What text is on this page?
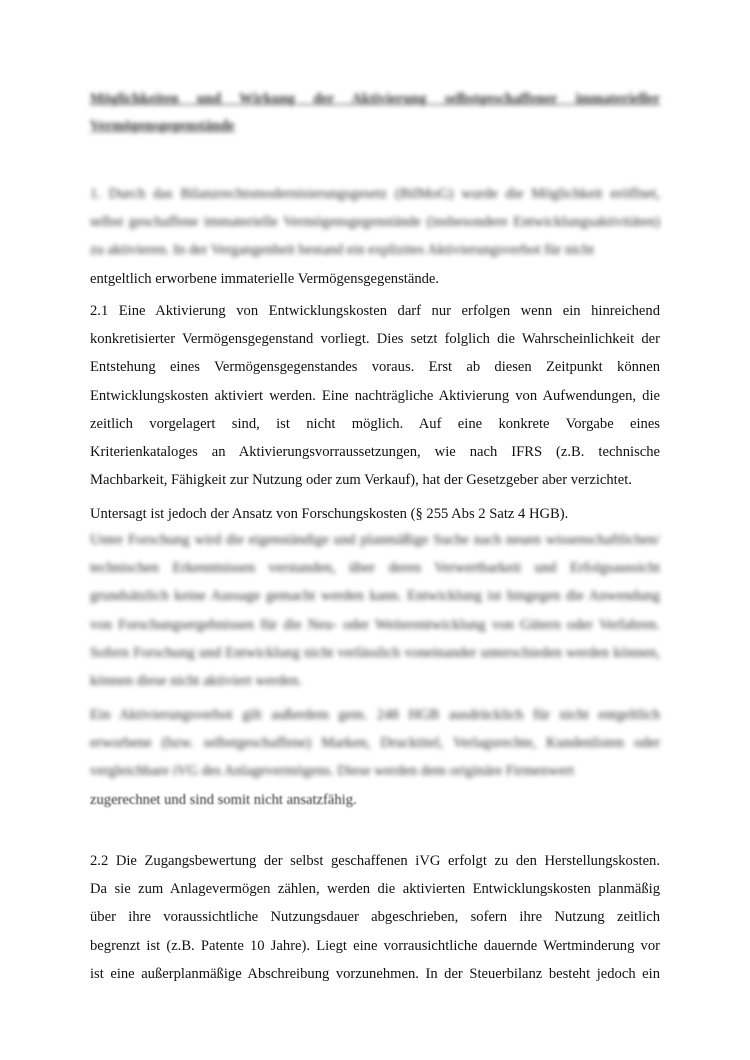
Möglichkeiten und Wirkung der Aktivierung selbstgeschaffener immaterieller Vermögensgegenstände
1. Durch das Bilanzrechtsmodernisierungsgesetz (BilMoG) wurde die Möglichkeit eröffnet, selbst geschaffene immaterielle Vermögensgegenstände (insbesondere Entwicklungsaktivitäten) zu aktivieren. In der Vergangenheit bestand ein explizites Aktivierungsverbot für nicht
entgeltlich erworbene immaterielle Vermögensgegenstände.
2.1 Eine Aktivierung von Entwicklungskosten darf nur erfolgen wenn ein hinreichend
konkretisierter Vermögensgegenstand vorliegt. Dies setzt folglich die Wahrscheinlichkeit der
Entstehung eines Vermögensgegenstandes voraus. Erst ab diesen Zeitpunkt können
Entwicklungskosten aktiviert werden. Eine nachträgliche Aktivierung von Aufwendungen, die
zeitlich vorgelagert sind, ist nicht möglich. Auf eine konkrete Vorgabe eines
Kriterienkataloges an Aktivierungsvorraussetzungen, wie nach IFRS (z.B. technische
Machbarkeit, Fähigkeit zur Nutzung oder zum Verkauf), hat der Gesetzgeber aber verzichtet.
Untersagt ist jedoch der Ansatz von Forschungskosten (§ 255 Abs 2 Satz 4 HGB).
Unter Forschung wird die eigenständige und planmäßige Suche nach neuen wissenschaftlichen/ technischen Erkenntnissen verstanden, über deren Verwertbarkeit und Erfolgsaussicht grundsätzlich keine Aussage gemacht werden kann. Entwicklung ist hingegen die Anwendung von Forschungsergebnissen für die Neu- oder Weiterentwicklung von Gütern oder Verfahren. Sofern Forschung und Entwicklung nicht verlässlich voneinander unterschieden werden können, können diese nicht aktiviert werden.
Ein Aktivierungsverbot gilt außerdem gem. 248 HGB ausdrücklich für nicht entgeltlich erworbene (bzw. selbstgeschaffene) Marken, Drucktitel, Verlagsrechte, Kundenlisten oder vergleichbare iVG des Anlagevermögens. Diese werden dem originäre Firmenwert
zugerechnet und sind somit nicht ansatzfähig.
2.2 Die Zugangsbewertung der selbst geschaffenen iVG erfolgt zu den Herstellungskosten.
Da sie zum Anlagevermögen zählen, werden die aktivierten Entwicklungskosten planmäßig
über ihre voraussichtliche Nutzungsdauer abgeschrieben, sofern ihre Nutzung zeitlich
begrenzt ist (z.B. Patente 10 Jahre). Liegt eine vorrausichtliche dauernde Wertminderung vor
ist eine außerplanmäßige Abschreibung vorzunehmen. In der Steuerbilanz besteht jedoch ein
